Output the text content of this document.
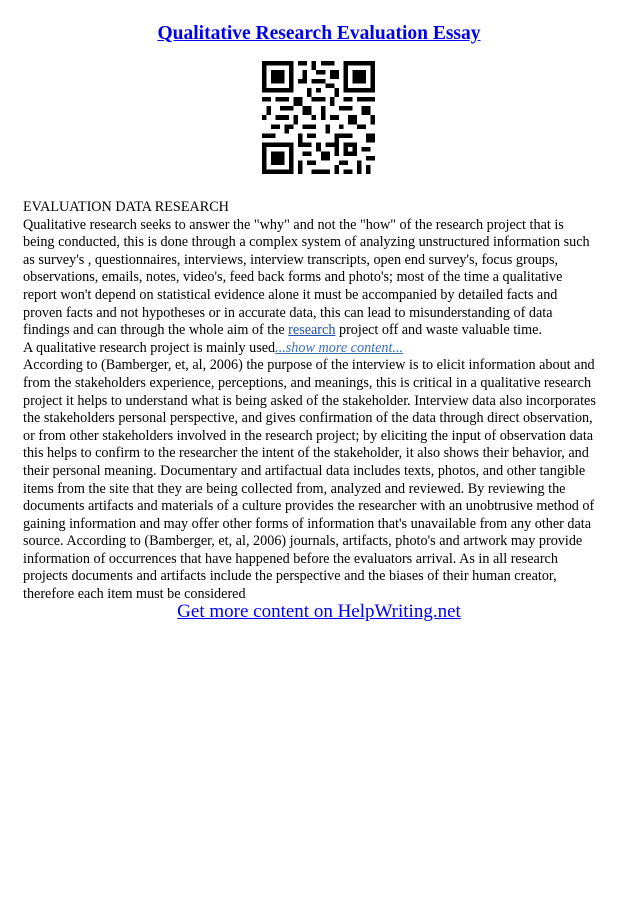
Qualitative Research Evaluation Essay
EVALUATION DATA RESEARCH
Qualitative research seeks to answer the "why" and not the "how" of the research project that is
being conducted, this is done through a complex system of analyzing unstructured information such
as survey's , questionnaires, interviews, interview transcripts, open end survey's, focus groups,
observations, emails, notes, video's, feed back forms and photo's; most of the time a qualitative
report won't depend on statistical evidence alone it must be accompanied by detailed facts and
proven facts and not hypotheses or in accurate data, this can lead to misunderstanding of data
findings and can through the whole aim of the research project off and waste valuable time.
A qualitative research project is mainly used...show more content...
According to (Bamberger, et, al, 2006) the purpose of the interview is to elicit information about and
from the stakeholders experience, perceptions, and meanings, this is critical in a qualitative research
project it helps to understand what is being asked of the stakeholder. Interview data also incorporates
the stakeholders personal perspective, and gives confirmation of the data through direct observation,
or from other stakeholders involved in the research project; by eliciting the input of observation data
this helps to confirm to the researcher the intent of the stakeholder, it also shows their behavior, and
their personal meaning. Documentary and artifactual data includes texts, photos, and other tangible
items from the site that they are being collected from, analyzed and reviewed. By reviewing the
documents artifacts and materials of a culture provides the researcher with an unobtrusive method of
gaining information and may offer other forms of information that's unavailable from any other data
source. According to (Bamberger, et, al, 2006) journals, artifacts, photo's and artwork may provide
information of occurrences that have happened before the evaluators arrival. As in all research
projects documents and artifacts include the perspective and the biases of their human creator,
therefore each item must be considered
Get more content on HelpWriting.net
